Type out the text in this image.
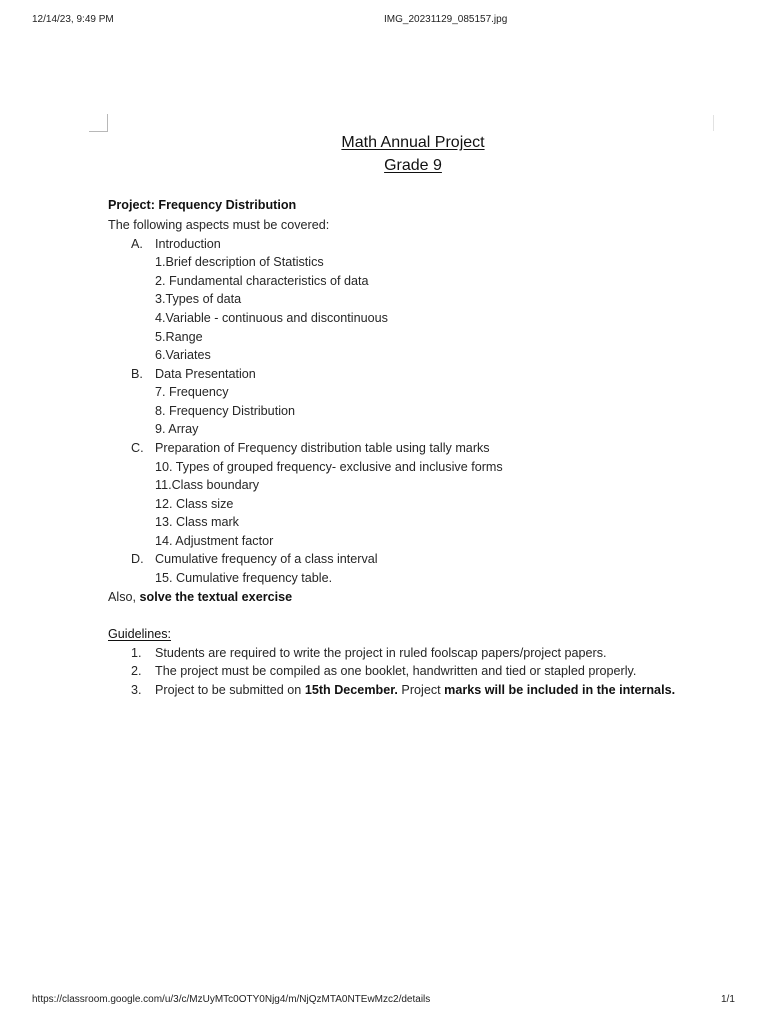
12/14/23, 9:49 PM	IMG_20231129_085157.jpg
Math Annual Project
Grade 9
Project: Frequency Distribution
The following aspects must be covered:
A. Introduction
1.Brief description of Statistics
2. Fundamental characteristics of data
3.Types of data
4.Variable - continuous and discontinuous
5.Range
6.Variates
B. Data Presentation
7. Frequency
8. Frequency Distribution
9. Array
C. Preparation of Frequency distribution table using tally marks
10. Types of grouped frequency- exclusive and inclusive forms
11.Class boundary
12. Class size
13. Class mark
14. Adjustment factor
D. Cumulative frequency of a class interval
15. Cumulative frequency table.
Also, solve the textual exercise
Guidelines:
1. Students are required to write the project in ruled foolscap papers/project papers.
2. The project must be compiled as one booklet, handwritten and tied or stapled properly.
3. Project to be submitted on 15th December. Project marks will be included in the internals.
https://classroom.google.com/u/3/c/MzUyMTc0OTY0Njg4/m/NjQzMTA0NTEwMzc2/details	1/1
